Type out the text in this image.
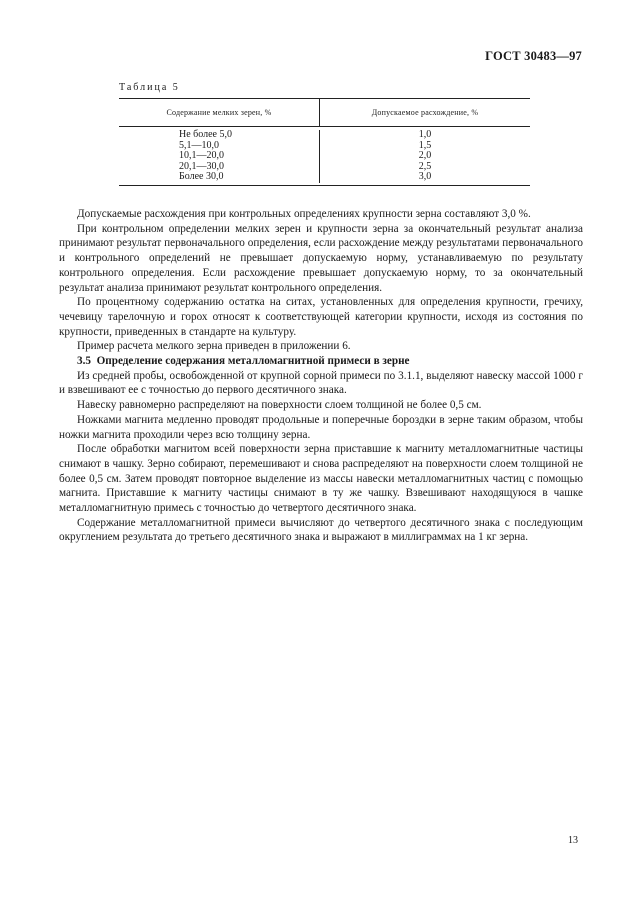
ГОСТ 30483—97
Таблица 5
Содержание мелких зерен, %	Допускаемое расхождение, %
Не более 5,0
5,1—10,0
10,1—20,0
20,1—30,0
Более 30,0
1,0
1,5
2,0
2,5
3,0

Допускаемые расхождения при контрольных определениях крупности зерна составляют 3,0 %.

При контрольном определении мелких зерен и крупности зерна за окончательный результат анализа принимают результат первоначального определения, если расхождение между результатами первоначального и контрольного определений не превышает допускаемую норму, устанавливаемую по результату контрольного определения. Если расхождение превышает допускаемую норму, то за окончательный результат анализа принимают результат контрольного определения.

По процентному содержанию остатка на ситах, установленных для определения крупности, гречиху, чечевицу тарелочную и горох относят к соответствующей категории крупности, исходя из состояния по крупности, приведенных в стандарте на культуру.

Пример расчета мелкого зерна приведен в приложении 6.

3.5 Определение содержания металломагнитной примеси в зерне

Из средней пробы, освобожденной от крупной сорной примеси по 3.1.1, выделяют навеску массой 1000 г и взвешивают ее с точностью до первого десятичного знака.

Навеску равномерно распределяют на поверхности слоем толщиной не более 0,5 см.

Ножками магнита медленно проводят продольные и поперечные бороздки в зерне таким образом, чтобы ножки магнита проходили через всю толщину зерна.

После обработки магнитом всей поверхности зерна приставшие к магниту металломагнитные частицы снимают в чашку. Зерно собирают, перемешивают и снова распределяют на поверхности слоем толщиной не более 0,5 см. Затем проводят повторное выделение из массы навески металломагнитных частиц с помощью магнита. Приставшие к магниту частицы снимают в ту же чашку. Взвешивают находящуюся в чашке металломагнитную примесь с точностью до четвертого десятичного знака.

Содержание металломагнитной примеси вычисляют до четвертого десятичного знака с последующим округлением результата до третьего десятичного знака и выражают в миллиграммах на 1 кг зерна.

13
